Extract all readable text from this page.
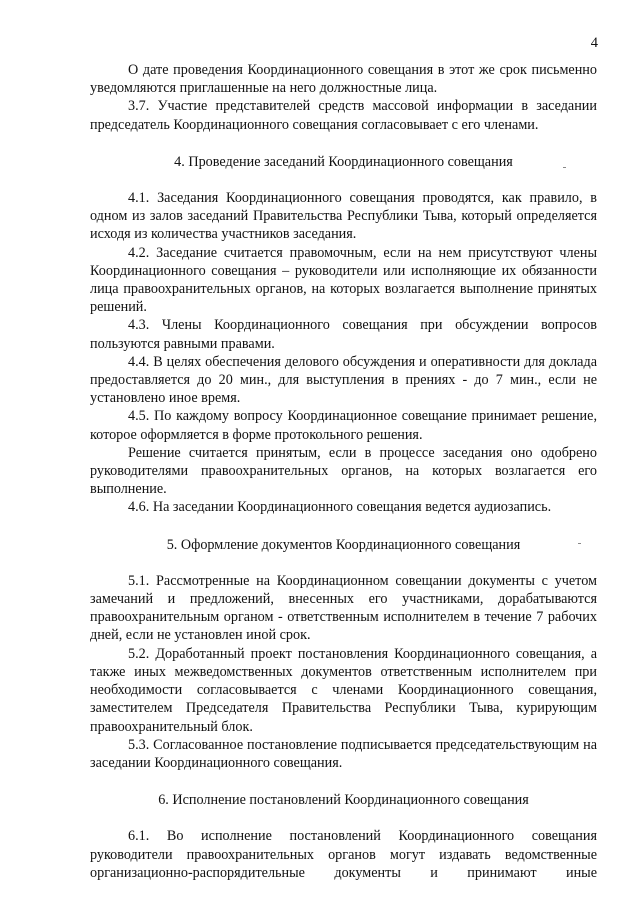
4

О дате проведения Координационного совещания в этот же срок письменно уведомляются приглашенные на него должностные лица.

3.7. Участие представителей средств массовой информации в заседании председатель Координационного совещания согласовывает с его членами.

4. Проведение заседаний Координационного совещания

4.1. Заседания Координационного совещания проводятся, как правило, в одном из залов заседаний Правительства Республики Тыва, который определяется исходя из количества участников заседания.

4.2. Заседание считается правомочным, если на нем присутствуют члены Координационного совещания – руководители или исполняющие их обязанности лица правоохранительных органов, на которых возлагается выполнение принятых решений.

4.3. Члены Координационного совещания при обсуждении вопросов пользуются равными правами.

4.4. В целях обеспечения делового обсуждения и оперативности для доклада предоставляется до 20 мин., для выступления в прениях - до 7 мин., если не установлено иное время.

4.5. По каждому вопросу Координационное совещание принимает решение, которое оформляется в форме протокольного решения.

Решение считается принятым, если в процессе заседания оно одобрено руководителями правоохранительных органов, на которых возлагается его выполнение.

4.6. На заседании Координационного совещания ведется аудиозапись.

5. Оформление документов Координационного совещания

5.1. Рассмотренные на Координационном совещании документы с учетом замечаний и предложений, внесенных его участниками, дорабатываются правоохранительным органом - ответственным исполнителем в течение 7 рабочих дней, если не установлен иной срок.

5.2. Доработанный проект постановления Координационного совещания, а также иных межведомственных документов ответственным исполнителем при необходимости согласовывается с членами Координационного совещания, заместителем Председателя Правительства Республики Тыва, курирующим правоохранительный блок.

5.3. Согласованное постановление подписывается председательствующим на заседании Координационного совещания.

6. Исполнение постановлений Координационного совещания

6.1. Во исполнение постановлений Координационного совещания руководители правоохранительных органов могут издавать ведомственные организационно-распорядительные документы и принимают иные
